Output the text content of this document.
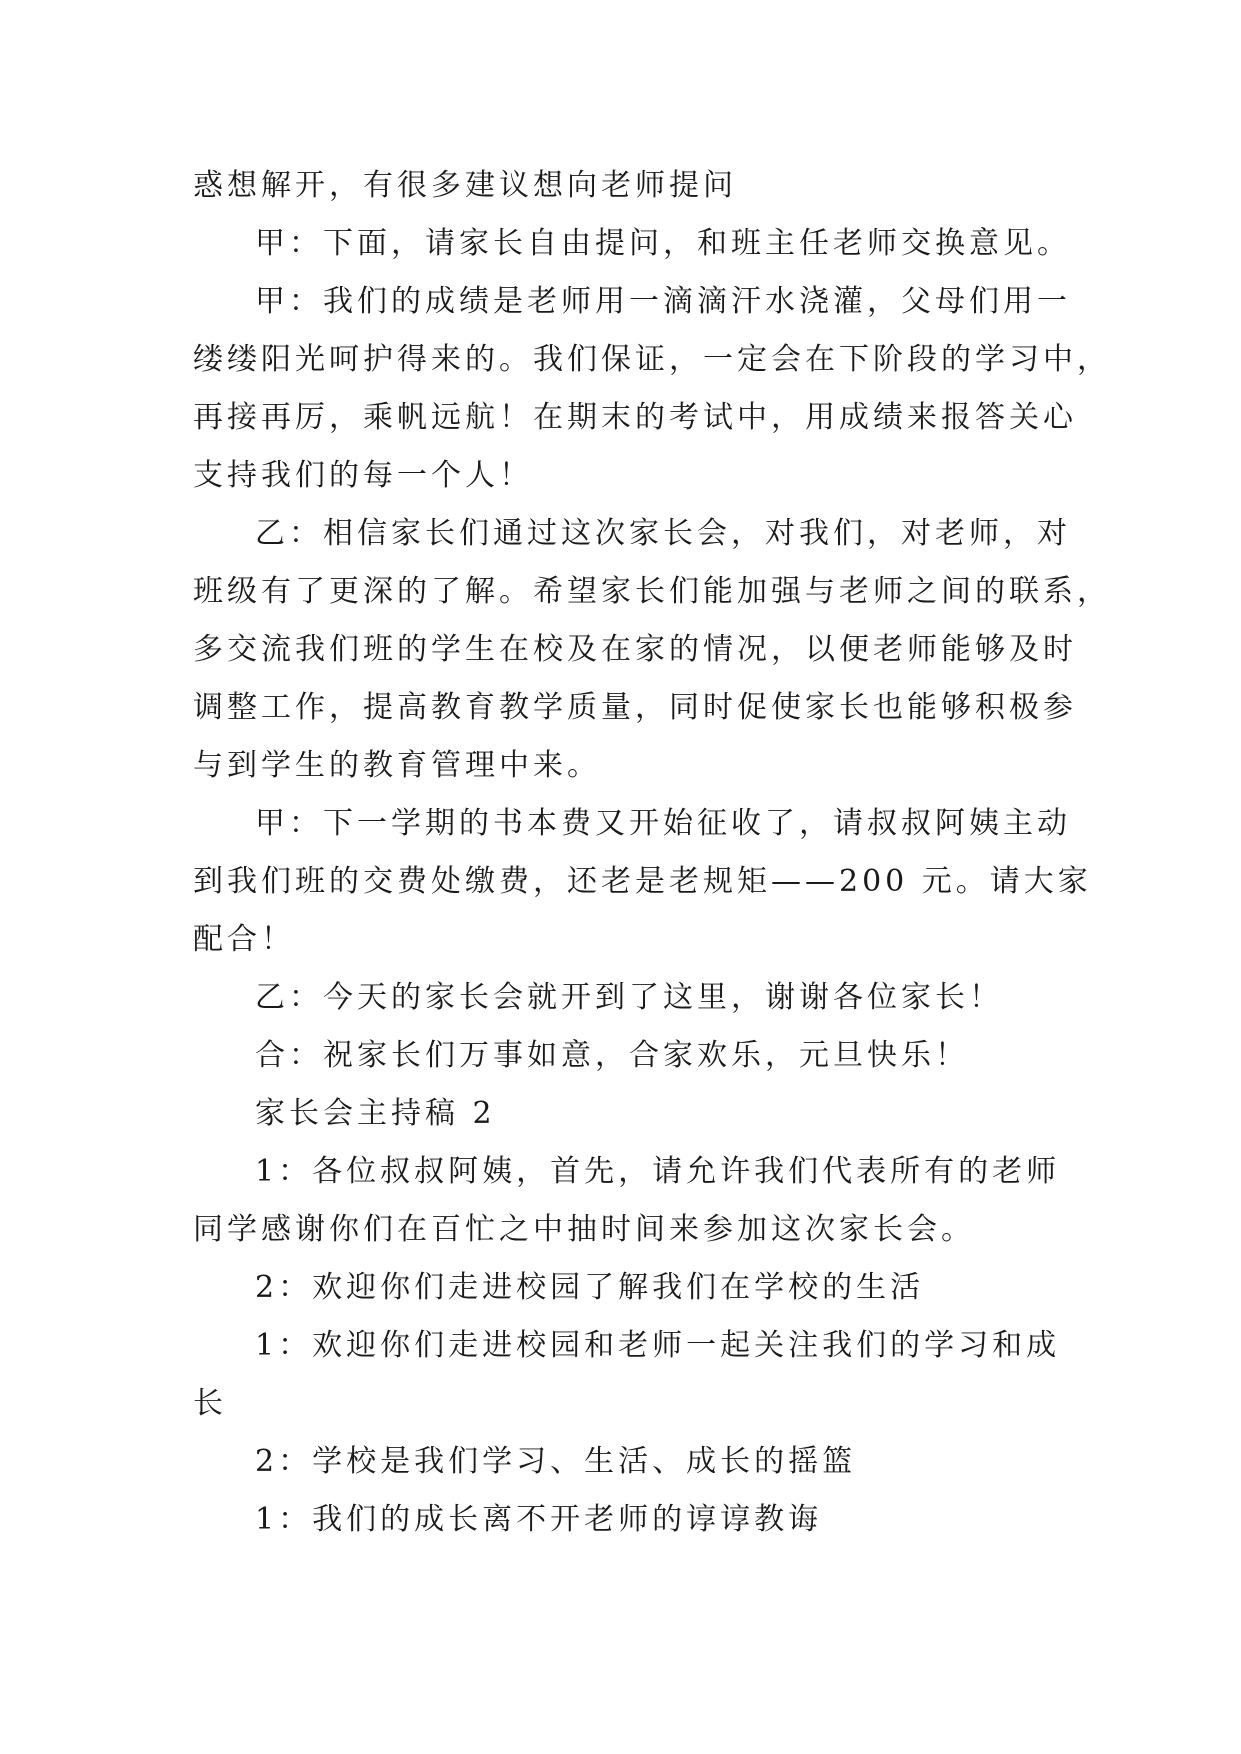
惑想解开，有很多建议想向老师提问
甲：下面，请家长自由提问，和班主任老师交换意见。
甲：我们的成绩是老师用一滴滴汗水浇灌，父母们用一
缕缕阳光呵护得来的。我们保证，一定会在下阶段的学习中，
再接再厉，乘帆远航！在期末的考试中，用成绩来报答关心
支持我们的每一个人！
乙：相信家长们通过这次家长会，对我们，对老师，对
班级有了更深的了解。希望家长们能加强与老师之间的联系，
多交流我们班的学生在校及在家的情况，以便老师能够及时
调整工作，提高教育教学质量，同时促使家长也能够积极参
与到学生的教育管理中来。
甲：下一学期的书本费又开始征收了，请叔叔阿姨主动
到我们班的交费处缴费，还老是老规矩——200 元。请大家
配合！
乙：今天的家长会就开到了这里，谢谢各位家长！
合：祝家长们万事如意，合家欢乐，元旦快乐！
家长会主持稿 2
1：各位叔叔阿姨，首先，请允许我们代表所有的老师
同学感谢你们在百忙之中抽时间来参加这次家长会。
2：欢迎你们走进校园了解我们在学校的生活
1：欢迎你们走进校园和老师一起关注我们的学习和成
长
2：学校是我们学习、生活、成长的摇篮
1：我们的成长离不开老师的谆谆教诲
